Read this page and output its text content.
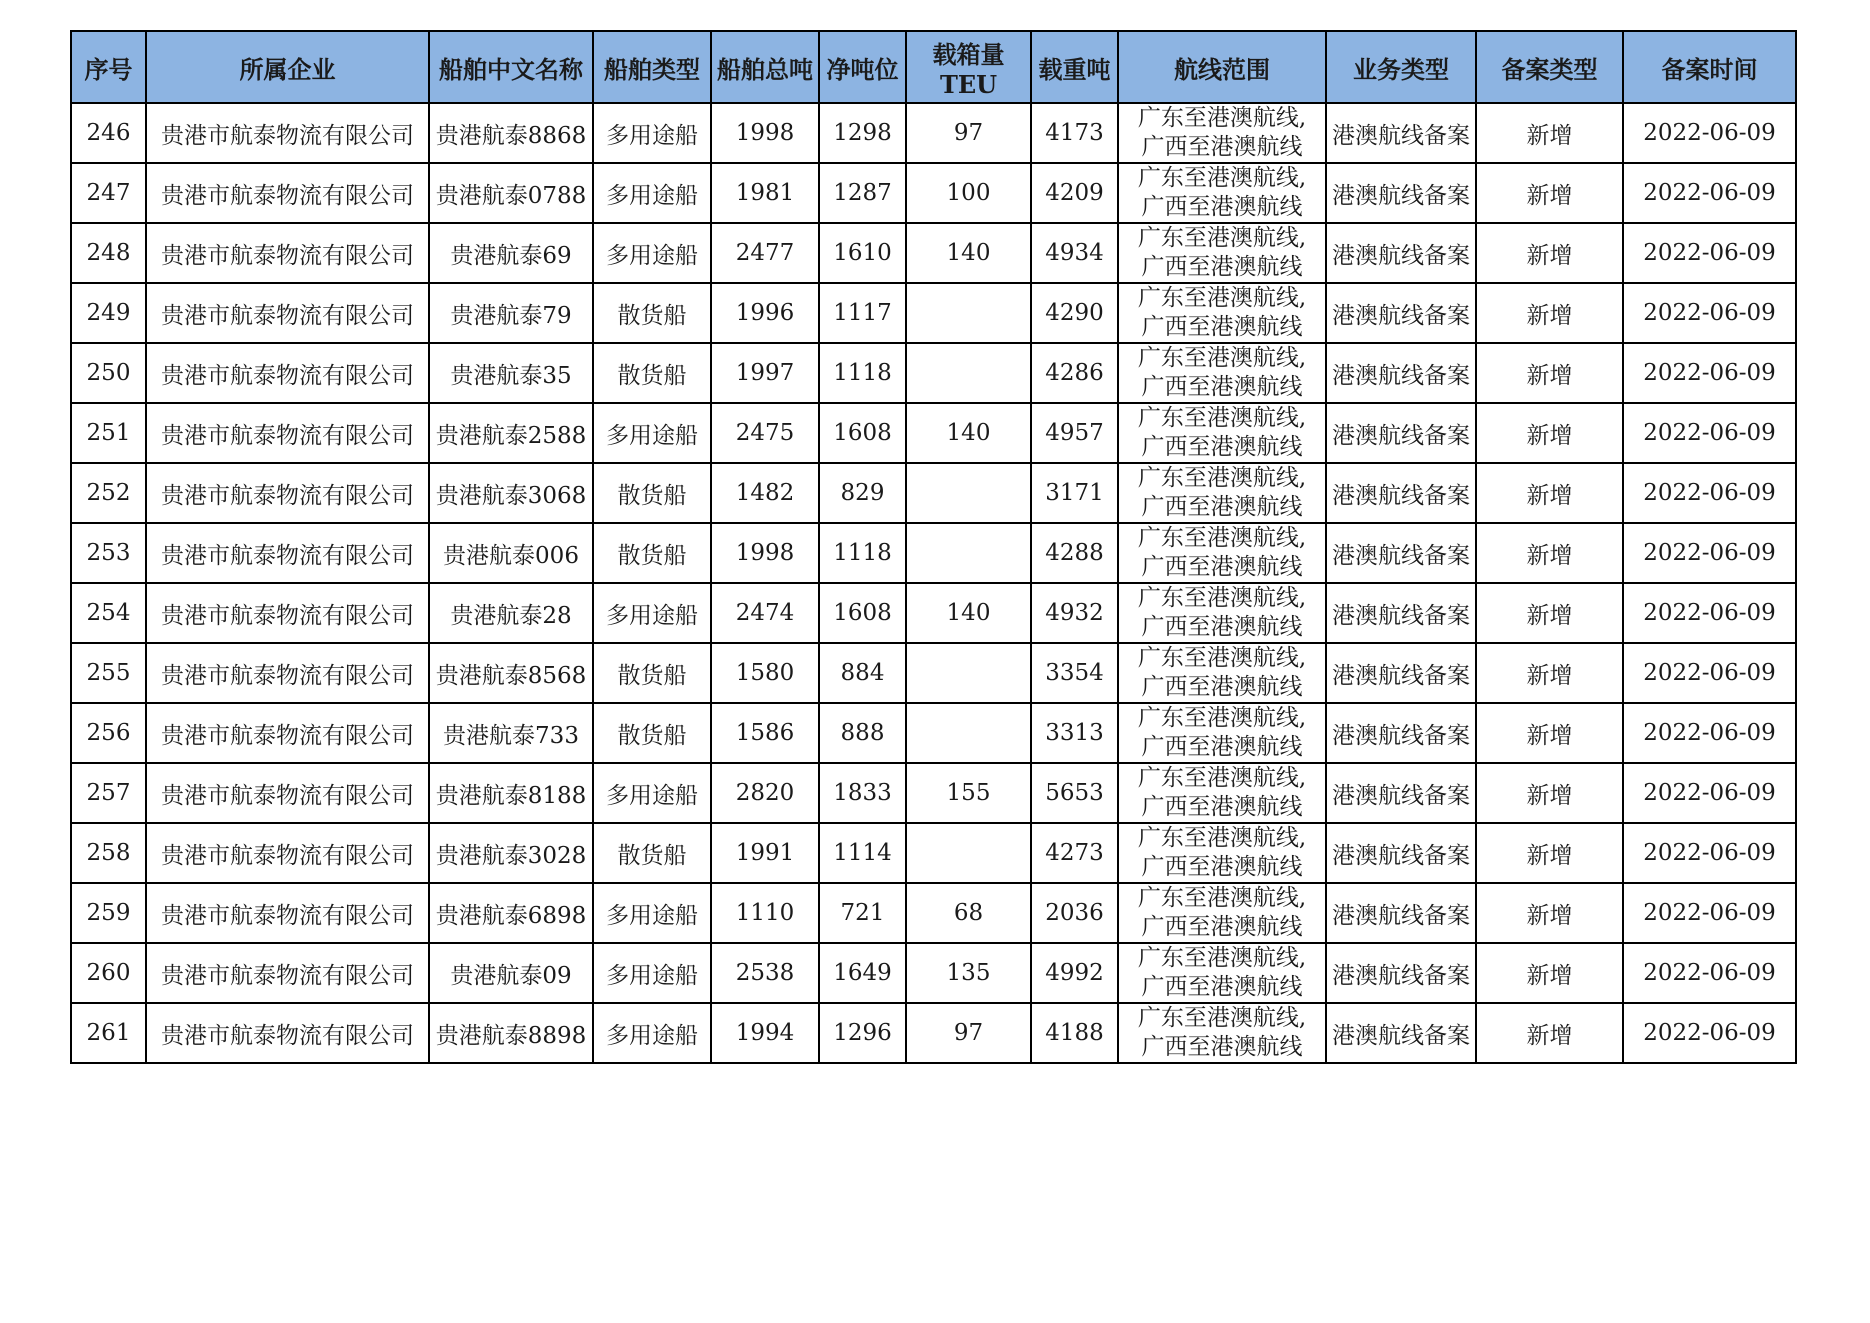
序号	所属企业	船舶中文名称	船舶类型	船舶总吨	净吨位	载箱量TEU	载重吨	航线范围	业务类型	备案类型	备案时间
246	贵港市航泰物流有限公司	贵港航泰8868	多用途船	1998	1298	97	4173	广东至港澳航线,
广西至港澳航线	港澳航线备案	新增	2022-06-09
247	贵港市航泰物流有限公司	贵港航泰0788	多用途船	1981	1287	100	4209	广东至港澳航线,
广西至港澳航线	港澳航线备案	新增	2022-06-09
248	贵港市航泰物流有限公司	贵港航泰69	多用途船	2477	1610	140	4934	广东至港澳航线,
广西至港澳航线	港澳航线备案	新增	2022-06-09
249	贵港市航泰物流有限公司	贵港航泰79	散货船	1996	1117		4290	广东至港澳航线,
广西至港澳航线	港澳航线备案	新增	2022-06-09
250	贵港市航泰物流有限公司	贵港航泰35	散货船	1997	1118		4286	广东至港澳航线,
广西至港澳航线	港澳航线备案	新增	2022-06-09
251	贵港市航泰物流有限公司	贵港航泰2588	多用途船	2475	1608	140	4957	广东至港澳航线,
广西至港澳航线	港澳航线备案	新增	2022-06-09
252	贵港市航泰物流有限公司	贵港航泰3068	散货船	1482	829		3171	广东至港澳航线,
广西至港澳航线	港澳航线备案	新增	2022-06-09
253	贵港市航泰物流有限公司	贵港航泰006	散货船	1998	1118		4288	广东至港澳航线,
广西至港澳航线	港澳航线备案	新增	2022-06-09
254	贵港市航泰物流有限公司	贵港航泰28	多用途船	2474	1608	140	4932	广东至港澳航线,
广西至港澳航线	港澳航线备案	新增	2022-06-09
255	贵港市航泰物流有限公司	贵港航泰8568	散货船	1580	884		3354	广东至港澳航线,
广西至港澳航线	港澳航线备案	新增	2022-06-09
256	贵港市航泰物流有限公司	贵港航泰733	散货船	1586	888		3313	广东至港澳航线,
广西至港澳航线	港澳航线备案	新增	2022-06-09
257	贵港市航泰物流有限公司	贵港航泰8188	多用途船	2820	1833	155	5653	广东至港澳航线,
广西至港澳航线	港澳航线备案	新增	2022-06-09
258	贵港市航泰物流有限公司	贵港航泰3028	散货船	1991	1114		4273	广东至港澳航线,
广西至港澳航线	港澳航线备案	新增	2022-06-09
259	贵港市航泰物流有限公司	贵港航泰6898	多用途船	1110	721	68	2036	广东至港澳航线,
广西至港澳航线	港澳航线备案	新增	2022-06-09
260	贵港市航泰物流有限公司	贵港航泰09	多用途船	2538	1649	135	4992	广东至港澳航线,
广西至港澳航线	港澳航线备案	新增	2022-06-09
261	贵港市航泰物流有限公司	贵港航泰8898	多用途船	1994	1296	97	4188	广东至港澳航线,
广西至港澳航线	港澳航线备案	新增	2022-06-09
